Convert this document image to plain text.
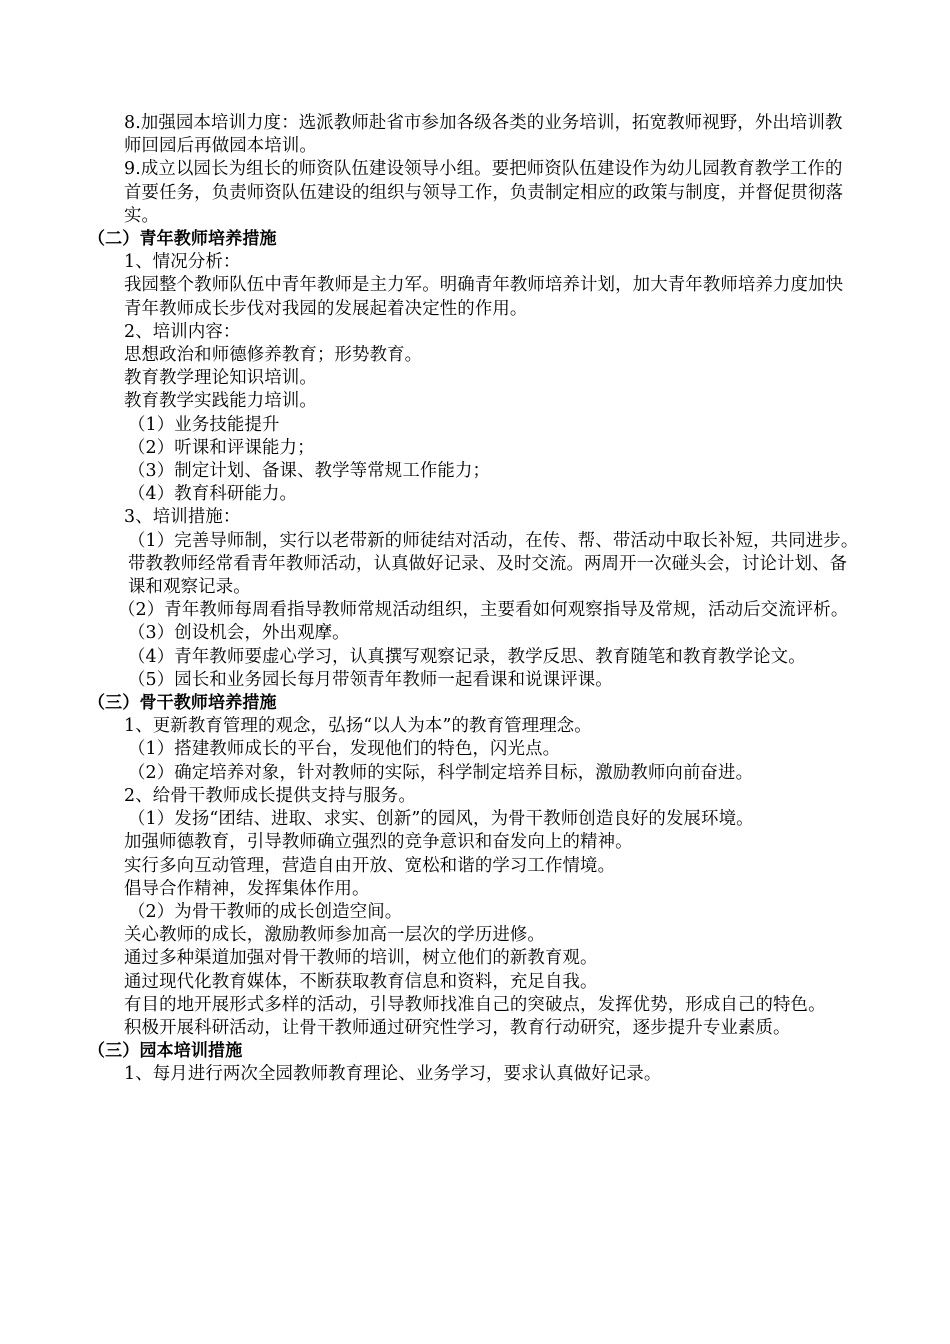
8.加强园本培训力度：选派教师赴省市参加各级各类的业务培训，拓宽教师视野，外出培训教师回园后再做园本培训。
9.成立以园长为组长的师资队伍建设领导小组。要把师资队伍建设作为幼儿园教育教学工作的首要任务，负责师资队伍建设的组织与领导工作，负责制定相应的政策与制度，并督促贯彻落实。
（二）青年教师培养措施
1、情况分析：
我园整个教师队伍中青年教师是主力军。明确青年教师培养计划，加大青年教师培养力度加快青年教师成长步伐对我园的发展起着决定性的作用。
2、培训内容：
思想政治和师德修养教育；形势教育。
教育教学理论知识培训。
教育教学实践能力培训。
（1）业务技能提升
（2）听课和评课能力；
（3）制定计划、备课、教学等常规工作能力；
（4）教育科研能力。
3、培训措施：
（1）完善导师制，实行以老带新的师徒结对活动，在传、帮、带活动中取长补短，共同进步。带教教师经常看青年教师活动，认真做好记录、及时交流。两周开一次碰头会，讨论计划、备课和观察记录。
（2）青年教师每周看指导教师常规活动组织，主要看如何观察指导及常规，活动后交流评析。
（3）创设机会，外出观摩。
（4）青年教师要虚心学习，认真撰写观察记录，教学反思、教育随笔和教育教学论文。
（5）园长和业务园长每月带领青年教师一起看课和说课评课。
（三）骨干教师培养措施
1、更新教育管理的观念，弘扬“以人为本”的教育管理理念。
（1）搭建教师成长的平台，发现他们的特色，闪光点。
（2）确定培养对象，针对教师的实际，科学制定培养目标，激励教师向前奋进。
2、给骨干教师成长提供支持与服务。
（1）发扬“团结、进取、求实、创新”的园风，为骨干教师创造良好的发展环境。
加强师德教育，引导教师确立强烈的竞争意识和奋发向上的精神。
实行多向互动管理，营造自由开放、宽松和谐的学习工作情境。
倡导合作精神，发挥集体作用。
（2）为骨干教师的成长创造空间。
关心教师的成长，激励教师参加高一层次的学历进修。
通过多种渠道加强对骨干教师的培训，树立他们的新教育观。
通过现代化教育媒体，不断获取教育信息和资料，充足自我。
有目的地开展形式多样的活动，引导教师找准自己的突破点，发挥优势，形成自己的特色。
积极开展科研活动，让骨干教师通过研究性学习，教育行动研究，逐步提升专业素质。
（三）园本培训措施
1、每月进行两次全园教师教育理论、业务学习，要求认真做好记录。
